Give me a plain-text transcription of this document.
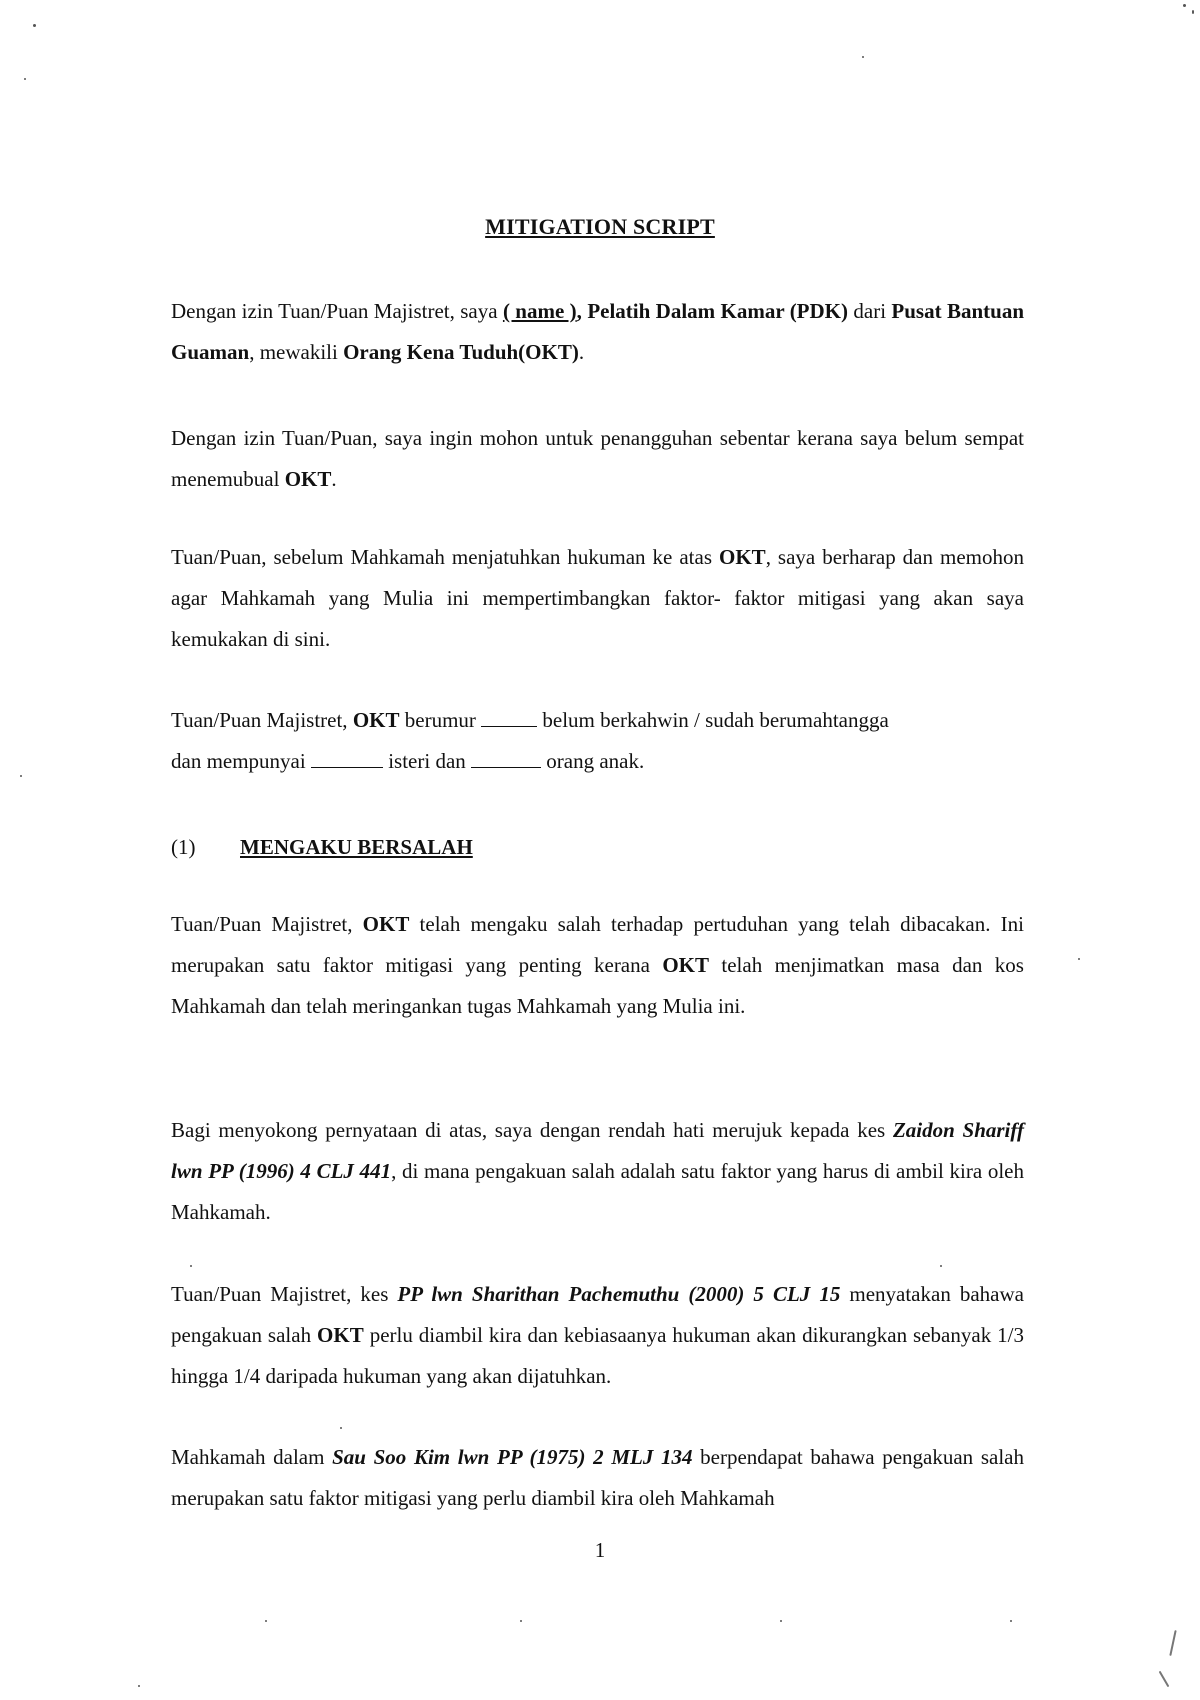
MITIGATION SCRIPT
Dengan izin Tuan/Puan Majistret, saya ( name ), Pelatih Dalam Kamar (PDK) dari Pusat Bantuan Guaman, mewakili Orang Kena Tuduh(OKT).
Dengan izin Tuan/Puan, saya ingin mohon untuk penangguhan sebentar kerana saya belum sempat menemubual OKT.
Tuan/Puan, sebelum Mahkamah menjatuhkan hukuman ke atas OKT, saya berharap dan memohon agar Mahkamah yang Mulia ini mempertimbangkan faktor- faktor mitigasi yang akan saya kemukakan di sini.
Tuan/Puan Majistret, OKT berumur	belum berkahwin / sudah berumahtangga
dan mempunyai	isteri dan	orang anak.
(1) MENGAKU BERSALAH
Tuan/Puan Majistret, OKT telah mengaku salah terhadap pertuduhan yang telah dibacakan. Ini merupakan satu faktor mitigasi yang penting kerana OKT telah menjimatkan masa dan kos Mahkamah dan telah meringankan tugas Mahkamah yang Mulia ini.
Bagi menyokong pernyataan di atas, saya dengan rendah hati merujuk kepada kes Zaidon Shariff lwn PP (1996) 4 CLJ 441, di mana pengakuan salah adalah satu faktor yang harus di ambil kira oleh Mahkamah.
Tuan/Puan Majistret, kes PP lwn Sharithan Pachemuthu (2000) 5 CLJ 15 menyatakan bahawa pengakuan salah OKT perlu diambil kira dan kebiasaanya hukuman akan dikurangkan sebanyak 1/3 hingga 1/4 daripada hukuman yang akan dijatuhkan.
Mahkamah dalam Sau Soo Kim lwn PP (1975) 2 MLJ 134 berpendapat bahawa pengakuan salah merupakan satu faktor mitigasi yang perlu diambil kira oleh Mahkamah
1
